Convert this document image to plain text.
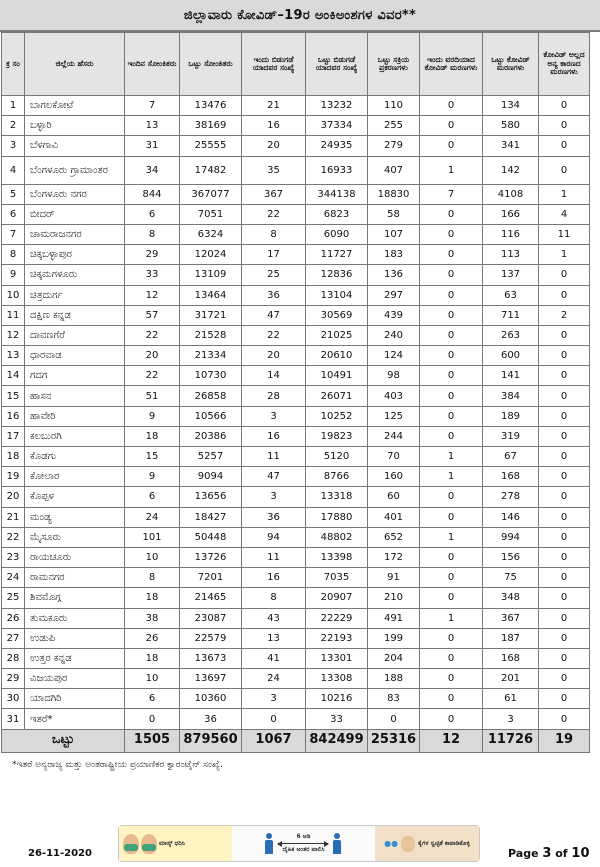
ಜಿಲ್ಲಾವಾರು ಕೋವಿಡ್–19ರ ಅಂಕಿಅಂಶಗಳ ವಿವರ**
ಕ್ರ ಸಂ	ಜಿಲ್ಲೆಯ ಹೆಸರು	ಇಂದಿನ ಸೋಂಕಿತರು	ಒಟ್ಟು ಸೋಂಕಿತರು	ಇಂದು ಬಿಡುಗಡೆ ಯಾದವರ ಸಂಖ್ಯೆ	ಒಟ್ಟು ಬಿಡುಗಡೆ ಯಾದವರ ಸಂಖ್ಯೆ	ಒಟ್ಟು ಸಕ್ರಿಯ ಪ್ರಕರಣಗಳು	ಇಂದು ವರದಿಯಾದ ಕೋವಿಡ್ ಮರಣಗಳು	ಒಟ್ಟು ಕೋವಿಡ್ ಮರಣಗಳು	ಕೋವಿಡ್ ಅಲ್ಲದ ಅನ್ಯ ಕಾರಣದ ಮರಣಗಳು
1	ಬಾಗಲಕೋಟೆ	7	13476	21	13232	110	0	134	0
2	ಬಳ್ಳಾರಿ	13	38169	16	37334	255	0	580	0
3	ಬೆಳಗಾವಿ	31	25555	20	24935	279	0	341	0
4	ಬೆಂಗಳೂರು ಗ್ರಾಮಾಂತರ	34	17482	35	16933	407	1	142	0
5	ಬೆಂಗಳೂರು ನಗರ	844	367077	367	344138	18830	7	4108	1
6	ಬೀದರ್	6	7051	22	6823	58	0	166	4
7	ಚಾಮರಾಜನಗರ	8	6324	8	6090	107	0	116	11
8	ಚಿಕ್ಕಬಳ್ಳಾಪುರ	29	12024	17	11727	183	0	113	1
9	ಚಿಕ್ಕಮಗಳೂರು	33	13109	25	12836	136	0	137	0
10	ಚಿತ್ರದುರ್ಗ	12	13464	36	13104	297	0	63	0
11	ದಕ್ಷಿಣ ಕನ್ನಡ	57	31721	47	30569	439	0	711	2
12	ದಾವಣಗೆರೆ	22	21528	22	21025	240	0	263	0
13	ಧಾರವಾಡ	20	21334	20	20610	124	0	600	0
14	ಗದಗ	22	10730	14	10491	98	0	141	0
15	ಹಾಸನ	51	26858	28	26071	403	0	384	0
16	ಹಾವೇರಿ	9	10566	3	10252	125	0	189	0
17	ಕಲಬುರಗಿ	18	20386	16	19823	244	0	319	0
18	ಕೊಡಗು	15	5257	11	5120	70	1	67	0
19	ಕೋಲಾರ	9	9094	47	8766	160	1	168	0
20	ಕೊಪ್ಪಳ	6	13656	3	13318	60	0	278	0
21	ಮಂಡ್ಯ	24	18427	36	17880	401	0	146	0
22	ಮೈಸೂರು	101	50448	94	48802	652	1	994	0
23	ರಾಯಚೂರು	10	13726	11	13398	172	0	156	0
24	ರಾಮನಗರ	8	7201	16	7035	91	0	75	0
25	ಶಿವಮೊಗ್ಗ	18	21465	8	20907	210	0	348	0
26	ತುಮಕೂರು	38	23087	43	22229	491	1	367	0
27	ಉಡುಪಿ	26	22579	13	22193	199	0	187	0
28	ಉತ್ತರ ಕನ್ನಡ	18	13673	41	13301	204	0	168	0
29	ವಿಜಯಪುರ	10	13697	24	13308	188	0	201	0
30	ಯಾದಗಿರಿ	6	10360	3	10216	83	0	61	0
31	ಇತರೆ*	0	36	0	33	0	0	3	0
ಒಟ್ಟು		1505	879560	1067	842499	25316	12	11726	19
*ಇತರೆ ಅನ್ಯರಾಜ್ಯ ಮತ್ತು ಅಂತರಾಷ್ಟ್ರೀಯ ಪ್ರಯಾಣಿಕರ ಕ್ವಾರಂಟೈನ್ ಸಂಖ್ಯೆ.
26-11-2020
ಮಾಸ್ಕ್ ಧರಿಸಿ
6 ಅಡಿ
ದೈಹಿಕ ಅಂತರ ಪಾಲಿಸಿ
●●	ಕೈಗಳ ಸ್ವಚ್ಛತೆ ಕಾಪಾಡಿಕೊಳ್ಳಿ
Page 3 of 10
